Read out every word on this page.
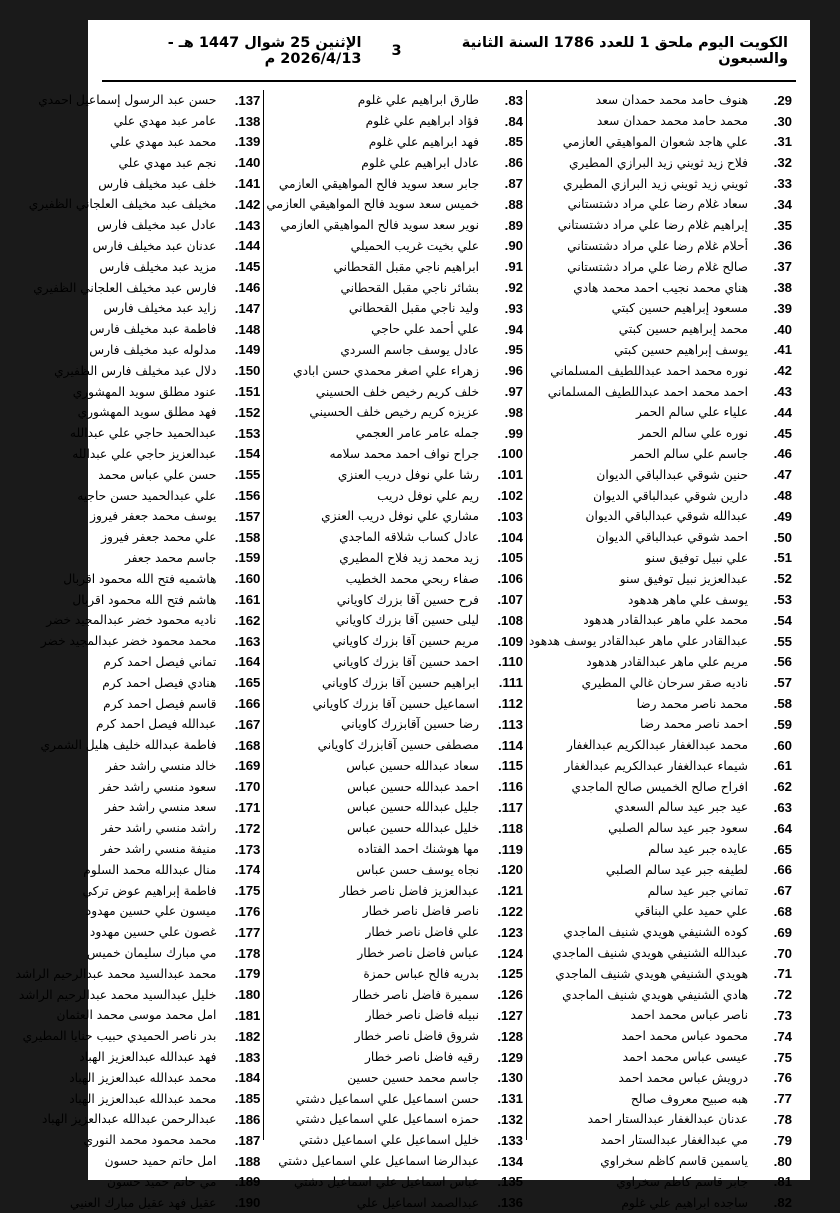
الكويت اليوم ملحق 1 للعدد 1786 السنة الثانية والسبعون
3
الإثنين 25 شوال 1447 هـ - 2026/4/13 م
29.
هنوف حامد محمد حمدان سعد
30.
محمد حامد محمد حمدان سعد
31.
علي هاجد شعوان المواهيقي العازمي
32.
فلاح زيد ثويني زيد البرازي المطيري
33.
ثويني زيد ثويني زيد البرازي المطيري
34.
سعاد غلام رضا علي مراد دشتستاني
35.
إبراهيم غلام رضا علي مراد دشتستاني
36.
أحلام غلام رضا علي مراد دشتستاني
37.
صالح غلام رضا علي مراد دشتستاني
38.
هناي محمد نجيب احمد محمد هادي
39.
مسعود إبراهيم حسين كبتي
40.
محمد إبراهيم حسين كبتي
41.
يوسف إبراهيم حسين كبتي
42.
نوره محمد احمد عبداللطيف المسلماني
43.
احمد محمد احمد عبداللطيف المسلماني
44.
علياء علي سالم الحمر
45.
نوره علي سالم الحمر
46.
جاسم علي سالم الحمر
47.
حنين شوقي عبدالباقي الديوان
48.
دارين شوقي عبدالباقي الديوان
49.
عبدالله شوقي عبدالباقي الديوان
50.
احمد شوقي عبدالباقي الديوان
51.
علي نبيل توفيق سنو
52.
عبدالعزيز نبيل توفيق سنو
53.
يوسف علي ماهر هدهود
54.
محمد علي ماهر عبدالقادر هدهود
55.
عبدالقادر علي ماهر عبدالقادر يوسف هدهود
56.
مريم علي ماهر عبدالقادر هدهود
57.
ناديه صقر سرحان غالي المطيري
58.
محمد ناصر محمد رضا
59.
احمد ناصر محمد رضا
60.
محمد عبدالغفار عبدالكريم عبدالغفار
61.
شيماء عبدالغفار عبدالكريم عبدالغفار
62.
افراح صالح الخميس صالح الماجدي
63.
عيد جبر عيد سالم السعدي
64.
سعود جبر عيد سالم الصلبي
65.
عايده جبر عيد سالم
66.
لطيفه جبر عيد سالم الصلبي
67.
تماني جبر عيد سالم
68.
علي حميد علي البناقي
69.
كوده الشنيفي هويدي شنيف الماجدي
70.
عبدالله الشنيفي هويدي شنيف الماجدي
71.
هويدي الشنيفي هويدي شنيف الماجدي
72.
هادي الشنيفي هويدي شنيف الماجدي
73.
ناصر عباس محمد احمد
74.
محمود عباس محمد احمد
75.
عيسى عباس محمد احمد
76.
درويش عباس محمد احمد
77.
هبه صبيح معروف صالح
78.
عدنان عبدالغفار عبدالستار احمد
79.
مي عبدالغفار عبدالستار احمد
80.
ياسمين قاسم كاظم سخراوي
81.
جابر قاسم كاظم سخراوي
82.
ساجده ابراهيم علي غلوم
83.
طارق ابراهيم علي غلوم
84.
فؤاد ابراهيم علي غلوم
85.
فهد ابراهيم علي غلوم
86.
عادل ابراهيم علي غلوم
87.
جابر سعد سويد فالح المواهيقي العازمي
88.
خميس سعد سويد فالح المواهيقي العازمي
89.
نوير سعد سويد فالح المواهيقي العازمي
90.
علي بخيت غريب الحميلي
91.
ابراهيم ناجي مقبل القحطاني
92.
بشائر ناجي مقبل القحطاني
93.
وليد ناجي مقبل القحطاني
94.
علي أحمد علي حاجي
95.
عادل يوسف جاسم السردي
96.
زهراء علي اصغر محمدي حسن ابادي
97.
خلف كريم رخيص خلف الحسيني
98.
عزيزه كريم رخيص خلف الحسيني
99.
جمله عامر عامر العجمي
100.
جراح نواف احمد محمد سلامه
101.
رشا علي نوفل دريب العنزي
102.
ريم علي نوفل دريب
103.
مشاري علي نوفل دريب العنزي
104.
عادل كساب شلاقه الماجدي
105.
زيد محمد زيد فلاح المطيري
106.
صفاء ربحي محمد الخطيب
107.
فرح حسين آقا بزرك كاوياني
108.
ليلى حسين آقا بزرك كاوياني
109.
مريم حسين آقا بزرك كاوياني
110.
احمد حسين آقا بزرك كاوياني
111.
ابراهيم حسين آقا بزرك كاوياني
112.
اسماعيل حسين آقا بزرك كاوياني
113.
رضا حسين آقابزرك كاوياني
114.
مصطفى حسين آقابزرك كاوياني
115.
سعاد عبدالله حسين عباس
116.
احمد عبدالله حسين عباس
117.
جليل عبدالله حسين عباس
118.
خليل عبدالله حسين عباس
119.
مها هوشنك احمد الفتاده
120.
نجاه يوسف حسن عباس
121.
عبدالعزيز فاضل ناصر خطار
122.
ناصر فاضل ناصر خطار
123.
علي فاضل ناصر خطار
124.
عباس فاضل ناصر خطار
125.
بدريه فالح عباس حمزة
126.
سميرة فاضل ناصر خطار
127.
نبيله فاضل ناصر خطار
128.
شروق فاضل ناصر خطار
129.
رقيه فاضل ناصر خطار
130.
جاسم محمد حسين حسين
131.
حسن اسماعيل علي اسماعيل دشتي
132.
حمزه اسماعيل علي اسماعيل دشتي
133.
خليل اسماعيل علي اسماعيل دشتي
134.
عبدالرضا اسماعيل علي اسماعيل دشتي
135.
عباس اسماعيل علي اسماعيل دشتي
136.
عبدالصمد اسماعيل علي
137.
حسن عبد الرسول إسماعيل احمدي
138.
عامر عبد مهدي علي
139.
محمد عبد مهدي علي
140.
نجم عبد مهدي علي
141.
خلف عبد مخيلف فارس
142.
مخيلف عبد مخيلف العلجاني الظفيري
143.
عادل عبد مخيلف فارس
144.
عدنان عبد مخيلف فارس
145.
مزيد عبد مخيلف فارس
146.
فارس عبد مخيلف العلجاني الظفيري
147.
زايد عبد مخيلف فارس
148.
فاطمة عبد مخيلف فارس
149.
مدلوله عبد مخيلف فارس
150.
دلال عبد مخيلف فارس الظفيري
151.
عنود مطلق سويد المهشوري
152.
فهد مطلق سويد المهشوري
153.
عبدالحميد حاجي علي عبدالله
154.
عبدالعزيز حاجي علي عبدالله
155.
حسن علي عباس محمد
156.
علي عبدالحميد حسن حاجيه
157.
يوسف محمد جعفر فيروز
158.
علي محمد جعفر فيروز
159.
جاسم محمد جعفر
160.
هاشميه فتح الله محمود اقربال
161.
هاشم فتح الله محمود اقربال
162.
ناديه محمود خضر عبدالمجيد خضر
163.
محمد محمود خضر عبدالمجيد خضر
164.
تماني فيصل احمد كرم
165.
هنادي فيصل احمد كرم
166.
قاسم فيصل احمد كرم
167.
عبدالله فيصل احمد كرم
168.
فاطمة عبدالله خليف هليل الشمري
169.
خالد منسي راشد حفر
170.
سعود منسي راشد حفر
171.
سعد منسي راشد حفر
172.
راشد منسي راشد حفر
173.
منيفة منسي راشد حفر
174.
منال عبدالله محمد السلوم
175.
فاطمة إبراهيم عوض تركي
176.
ميسون علي حسين مهدود
177.
غصون علي حسين مهدود
178.
مي مبارك سليمان خميس
179.
محمد عبدالسيد محمد عبدالرحيم الراشد
180.
خليل عبدالسيد محمد عبدالرحيم الراشد
181.
امل محمد موسى محمد العثمان
182.
بدر ناصر الحميدي حبيب حنايا المطيري
183.
فهد عبدالله عبدالعزيز الهباد
184.
محمد عبدالله عبدالعزيز الهباد
185.
محمد عبدالله عبدالعزيز الهباد
186.
عبدالرحمن عبدالله عبدالعزيز الهباد
187.
محمد محمود محمد النوري
188.
امل حاتم حميد حسون
189.
مي حاتم حميد حسون
190.
عقيل فهد عقيل مبارك العنيي
